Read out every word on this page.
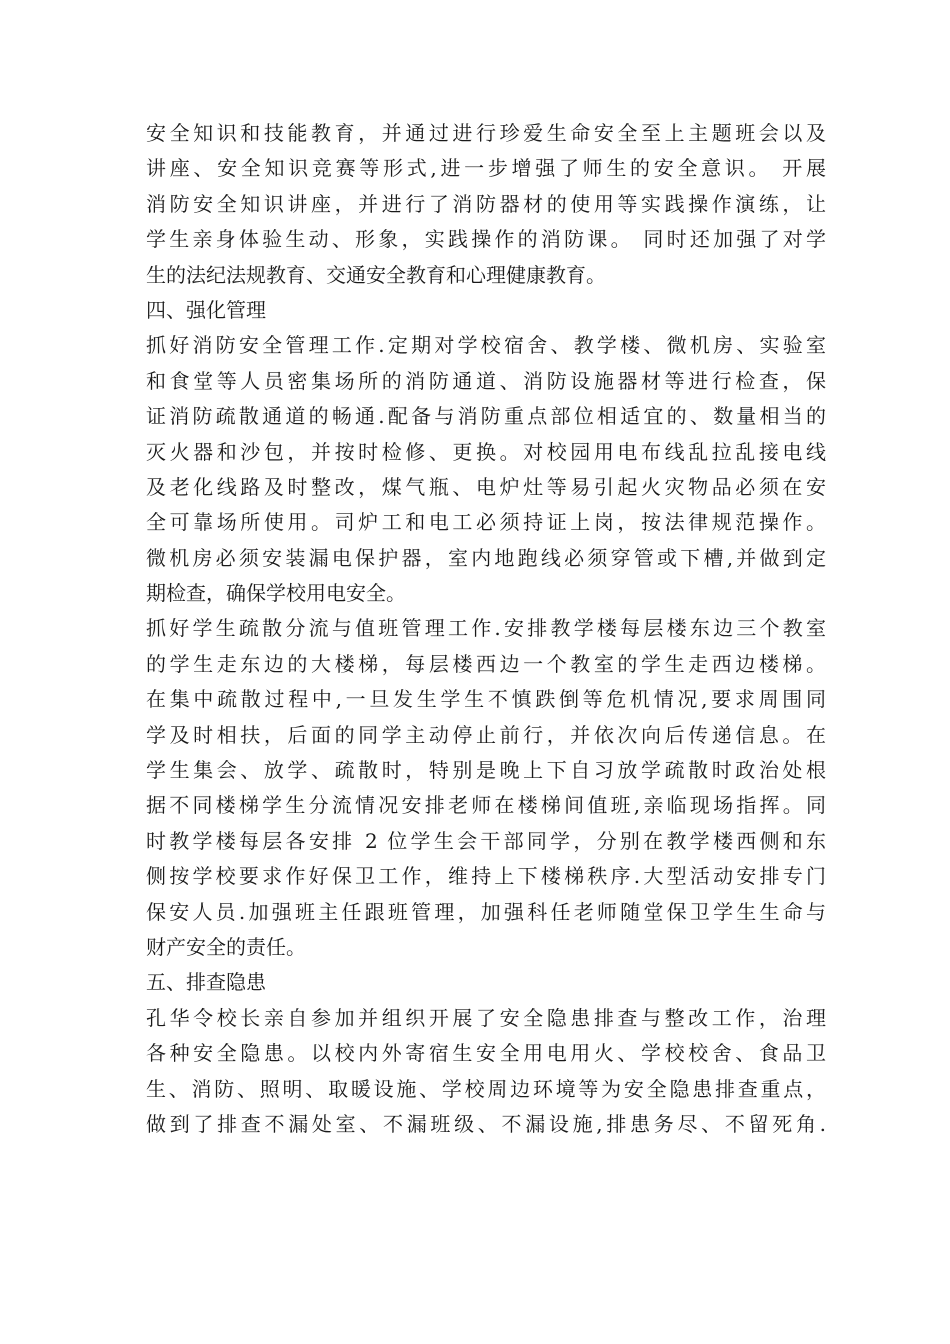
安全知识和技能教育，并通过进行珍爱生命安全至上主题班会以及
讲座、安全知识竞赛等形式,进一步增强了师生的安全意识。 开展
消防安全知识讲座，并进行了消防器材的使用等实践操作演练，让
学生亲身体验生动、形象，实践操作的消防课。 同时还加强了对学
生的法纪法规教育、交通安全教育和心理健康教育。
四、强化管理
抓好消防安全管理工作.定期对学校宿舍、教学楼、微机房、实验室
和食堂等人员密集场所的消防通道、消防设施器材等进行检查，保
证消防疏散通道的畅通.配备与消防重点部位相适宜的、数量相当的
灭火器和沙包，并按时检修、更换。对校园用电布线乱拉乱接电线
及老化线路及时整改，煤气瓶、电炉灶等易引起火灾物品必须在安
全可靠场所使用。司炉工和电工必须持证上岗，按法律规范操作。
微机房必须安装漏电保护器，室内地跑线必须穿管或下槽,并做到定
期检查，确保学校用电安全。
抓好学生疏散分流与值班管理工作.安排教学楼每层楼东边三个教室
的学生走东边的大楼梯，每层楼西边一个教室的学生走西边楼梯。
在集中疏散过程中,一旦发生学生不慎跌倒等危机情况,要求周围同
学及时相扶，后面的同学主动停止前行，并依次向后传递信息。在
学生集会、放学、疏散时，特别是晚上下自习放学疏散时政治处根
据不同楼梯学生分流情况安排老师在楼梯间值班,亲临现场指挥。同
时教学楼每层各安排 2 位学生会干部同学，分别在教学楼西侧和东
侧按学校要求作好保卫工作，维持上下楼梯秩序.大型活动安排专门
保安人员.加强班主任跟班管理，加强科任老师随堂保卫学生生命与
财产安全的责任。
五、排查隐患
孔华令校长亲自参加并组织开展了安全隐患排查与整改工作，治理
各种安全隐患。以校内外寄宿生安全用电用火、学校校舍、食品卫
生、消防、照明、取暖设施、学校周边环境等为安全隐患排查重点，
做到了排查不漏处室、不漏班级、不漏设施,排患务尽、不留死角.
